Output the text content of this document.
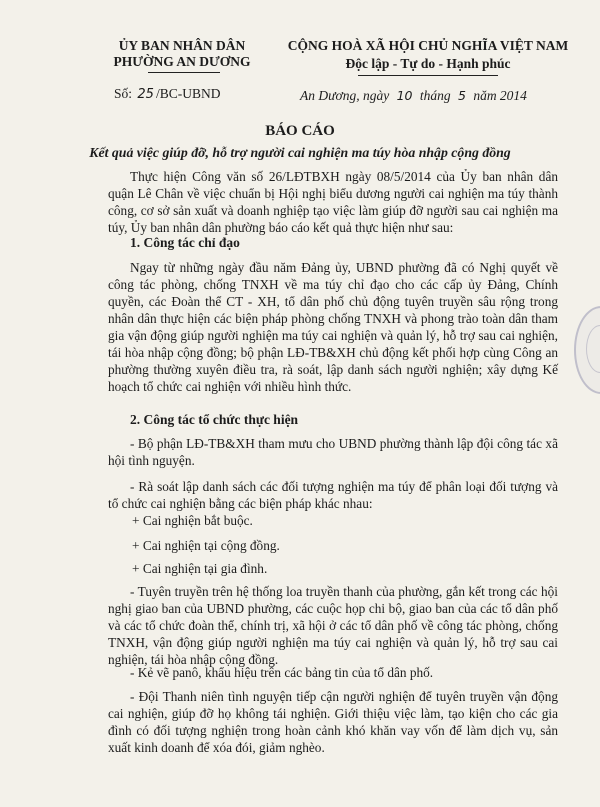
ỦY BAN NHÂN DÂN
PHƯỜNG AN DƯƠNG
CỘNG HOÀ XÃ HỘI CHỦ NGHĨA VIỆT NAM
Độc lập - Tự do - Hạnh phúc
Số: 25 /BC-UBND	An Dương, ngày 10 tháng 5 năm 2014
BÁO CÁO
Kết quả việc giúp đỡ, hỗ trợ người cai nghiện ma túy hòa nhập cộng đồng
Thực hiện Công văn số 26/LĐTBXH ngày 08/5/2014 của Ủy ban nhân dân quận Lê Chân về việc chuẩn bị Hội nghị biểu dương người cai nghiện ma túy thành công, cơ sở sản xuất và doanh nghiệp tạo việc làm giúp đỡ người sau cai nghiện ma túy, Ủy ban nhân dân phường báo cáo kết quả thực hiện như sau:
1. Công tác chỉ đạo
Ngay từ những ngày đầu năm Đảng ủy, UBND phường đã có Nghị quyết về công tác phòng, chống TNXH về ma túy chỉ đạo cho các cấp ủy Đảng, Chính quyền, các Đoàn thể CT - XH, tổ dân phố chủ động tuyên truyền sâu rộng trong nhân dân thực hiện các biện pháp phòng chống TNXH và phong trào toàn dân tham gia vận động giúp người nghiện ma túy cai nghiện và quản lý, hỗ trợ sau cai nghiện, tái hòa nhập cộng đồng; bộ phận LĐ-TB&XH chủ động kết phối hợp cùng Công an phường thường xuyên điều tra, rà soát, lập danh sách người nghiện; xây dựng Kế hoạch tổ chức cai nghiện với nhiều hình thức.
2. Công tác tổ chức thực hiện
- Bộ phận LĐ-TB&XH tham mưu cho UBND phường thành lập đội công tác xã hội tình nguyện.
- Rà soát lập danh sách các đối tượng nghiện ma túy để phân loại đối tượng và tổ chức cai nghiện bằng các biện pháp khác nhau:
+ Cai nghiện bắt buộc.
+ Cai nghiện tại cộng đồng.
+ Cai nghiện tại gia đình.
- Tuyên truyền trên hệ thống loa truyền thanh của phường, gắn kết trong các hội nghị giao ban của UBND phường, các cuộc họp chi bộ, giao ban của các tổ dân phố và các tổ chức đoàn thể, chính trị, xã hội ở các tổ dân phố về công tác phòng, chống TNXH, vận động giúp người nghiện ma túy cai nghiện và quản lý, hỗ trợ sau cai nghiện, tái hòa nhập cộng đồng.
- Kẻ vẽ panô, khẩu hiệu trên các bảng tin của tổ dân phố.
- Đội Thanh niên tình nguyện tiếp cận người nghiện để tuyên truyền vận động cai nghiện, giúp đỡ họ không tái nghiện. Giới thiệu việc làm, tạo kiện cho các gia đình có đối tượng nghiện trong hoàn cảnh khó khăn vay vốn để làm dịch vụ, sản xuất kinh doanh để xóa đói, giảm nghèo.
